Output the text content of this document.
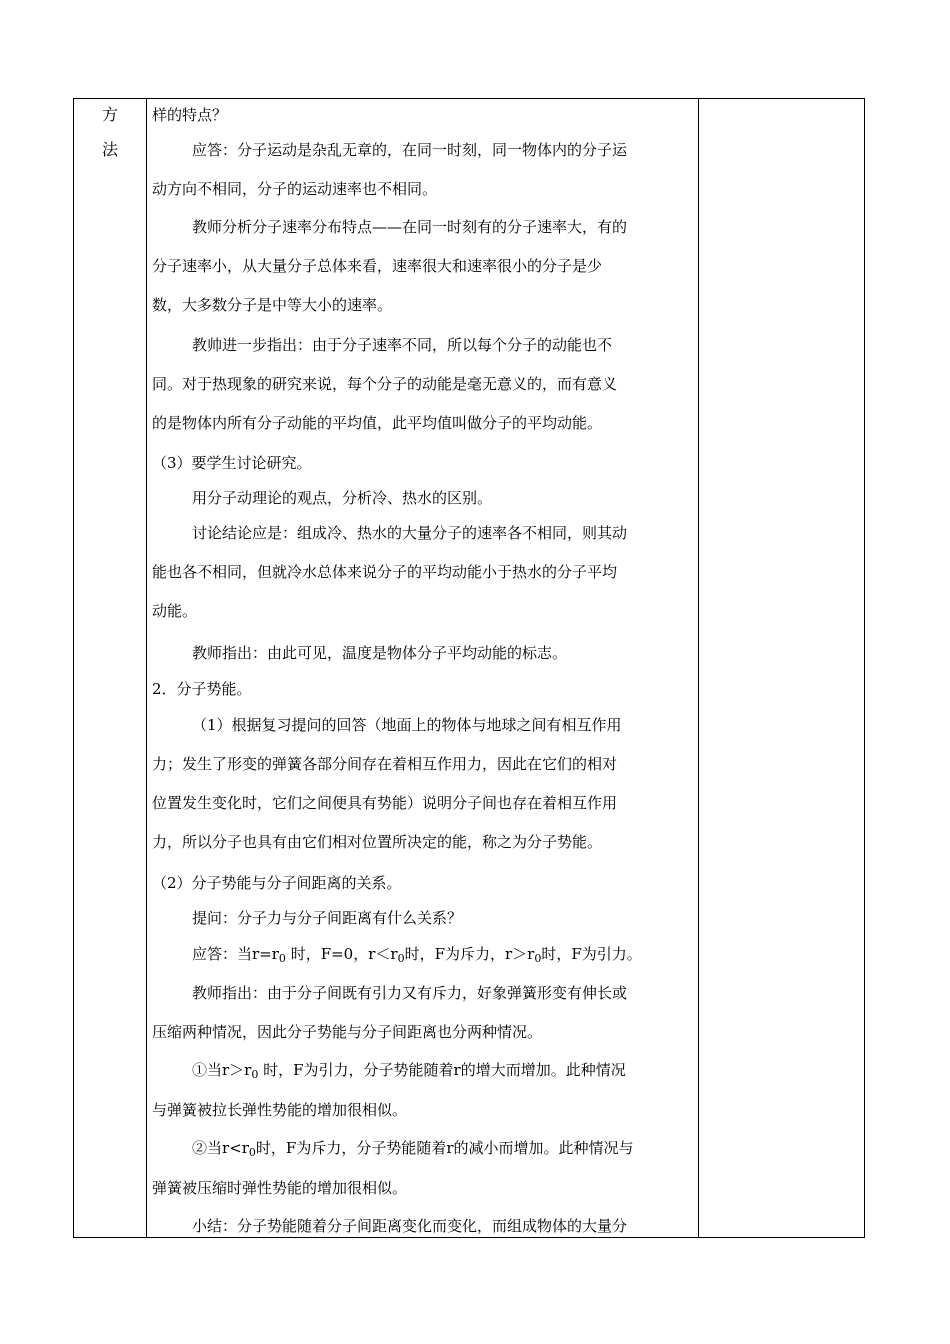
方
法
样的特点？
应答：分子运动是杂乱无章的，在同一时刻，同一物体内的分子运
动方向不相同，分子的运动速率也不相同。
教师分析分子速率分布特点——在同一时刻有的分子速率大，有的
分子速率小，从大量分子总体来看，速率很大和速率很小的分子是少
数，大多数分子是中等大小的速率。
教帅进一步指出：由于分子速率不同，所以每个分子的动能也不
同。对于热现象的研究来说，每个分子的动能是毫无意义的，而有意义
的是物体内所有分子动能的平均值，此平均值叫做分子的平均动能。
（3）要学生讨论研究。
用分子动理论的观点，分析冷、热水的区别。
讨论结论应是：组成冷、热水的大量分子的速率各不相同，则其动
能也各不相同，但就冷水总体来说分子的平均动能小于热水的分子平均
动能。
教师指出：由此可见，温度是物体分子平均动能的标志。
2．分子势能。
（1）根据复习提问的回答（地面上的物体与地球之间有相互作用
力；发生了形变的弹簧各部分间存在着相互作用力，因此在它们的相对
位置发生变化时，它们之间便具有势能）说明分子间也存在着相互作用
力，所以分子也具有由它们相对位置所决定的能，称之为分子势能。
（2）分子势能与分子间距离的关系。
提问：分子力与分子间距离有什么关系？
应答：当$r=r_0$ 时，F=0，$r<r_0$时，F为斥力，$r>r_0$时，F为引力。
教师指出：由于分子间既有引力又有斥力，好象弹簧形变有伸长或
压缩两种情况，因此分子势能与分子间距离也分两种情况。
①当$r>r_0$ 时，F为引力，分子势能随着r的增大而增加。此种情况
与弹簧被拉长弹性势能的增加很相似。
②当$r<r_0$时，F为斥力，分子势能随着r的减小而增加。此种情况与
弹簧被压缩时弹性势能的增加很相似。
小结：分子势能随着分子间距离变化而变化，而组成物体的大量分
